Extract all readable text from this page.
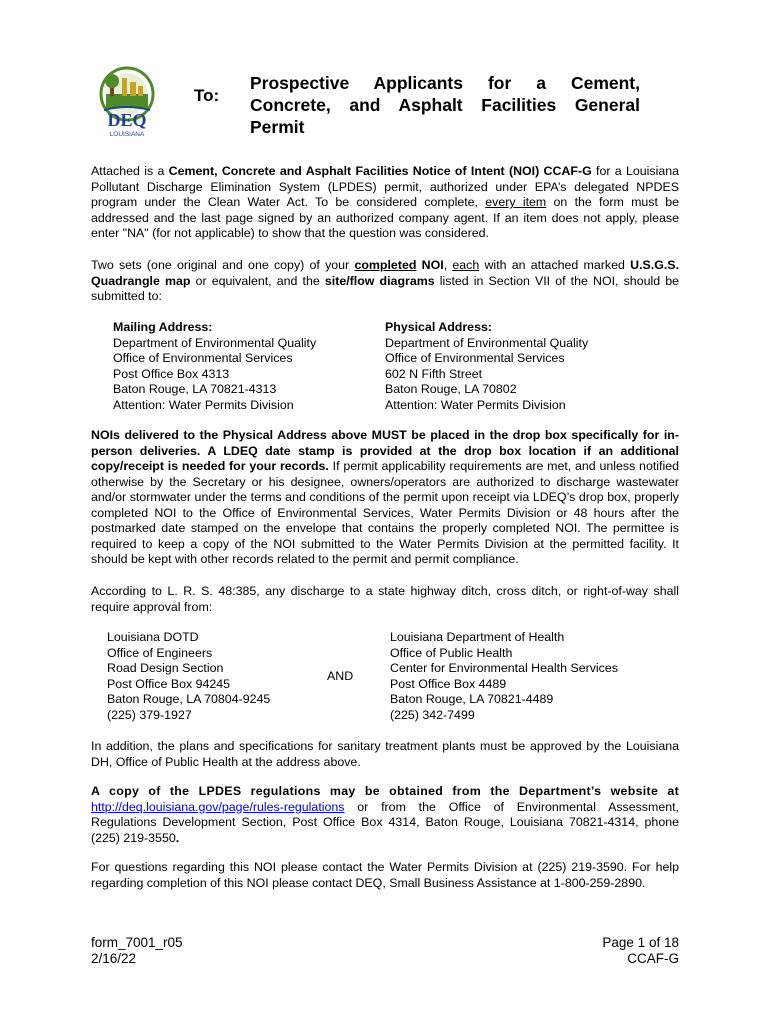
DEQ
LOUISIANA
To:
Prospective Applicants for a Cement,
Concrete, and Asphalt Facilities General
Permit
Attached is a Cement, Concrete and Asphalt Facilities Notice of Intent (NOI) CCAF-G for a Louisiana Pollutant Discharge Elimination System (LPDES) permit, authorized under EPA’s delegated NPDES program under the Clean Water Act. To be considered complete, every item on the form must be addressed and the last page signed by an authorized company agent. If an item does not apply, please enter "NA" (for not applicable) to show that the question was considered.
Two sets (one original and one copy) of your completed NOI, each with an attached marked U.S.G.S. Quadrangle map or equivalent, and the site/flow diagrams listed in Section VII of the NOI, should be submitted to:
Mailing Address:
Department of Environmental Quality
Office of Environmental Services
Post Office Box 4313
Baton Rouge, LA 70821-4313
Attention: Water Permits Division
Physical Address:
Department of Environmental Quality
Office of Environmental Services
602 N Fifth Street
Baton Rouge, LA 70802
Attention: Water Permits Division
NOIs delivered to the Physical Address above MUST be placed in the drop box specifically for in-person deliveries. A LDEQ date stamp is provided at the drop box location if an additional copy/receipt is needed for your records. If permit applicability requirements are met, and unless notified otherwise by the Secretary or his designee, owners/operators are authorized to discharge wastewater and/or stormwater under the terms and conditions of the permit upon receipt via LDEQ’s drop box, properly completed NOI to the Office of Environmental Services, Water Permits Division or 48 hours after the postmarked date stamped on the envelope that contains the properly completed NOI. The permittee is required to keep a copy of the NOI submitted to the Water Permits Division at the permitted facility. It should be kept with other records related to the permit and permit compliance.
According to L. R. S. 48:385, any discharge to a state highway ditch, cross ditch, or right-of-way shall require approval from:
Louisiana DOTD
Office of Engineers
Road Design Section
Post Office Box 94245
Baton Rouge, LA 70804-9245
(225) 379-1927
AND
Louisiana Department of Health
Office of Public Health
Center for Environmental Health Services
Post Office Box 4489
Baton Rouge, LA 70821-4489
(225) 342-7499
In addition, the plans and specifications for sanitary treatment plants must be approved by the Louisiana DH, Office of Public Health at the address above.
A copy of the LPDES regulations may be obtained from the Department’s website at
http://deq.louisiana.gov/page/rules-regulations or from the Office of Environmental Assessment, Regulations Development Section, Post Office Box 4314, Baton Rouge, Louisiana 70821-4314, phone (225) 219-3550.
For questions regarding this NOI please contact the Water Permits Division at (225) 219-3590. For help regarding completion of this NOI please contact DEQ, Small Business Assistance at 1-800-259-2890.
form_7001_r05
2/16/22
Page 1 of 18
CCAF-G
